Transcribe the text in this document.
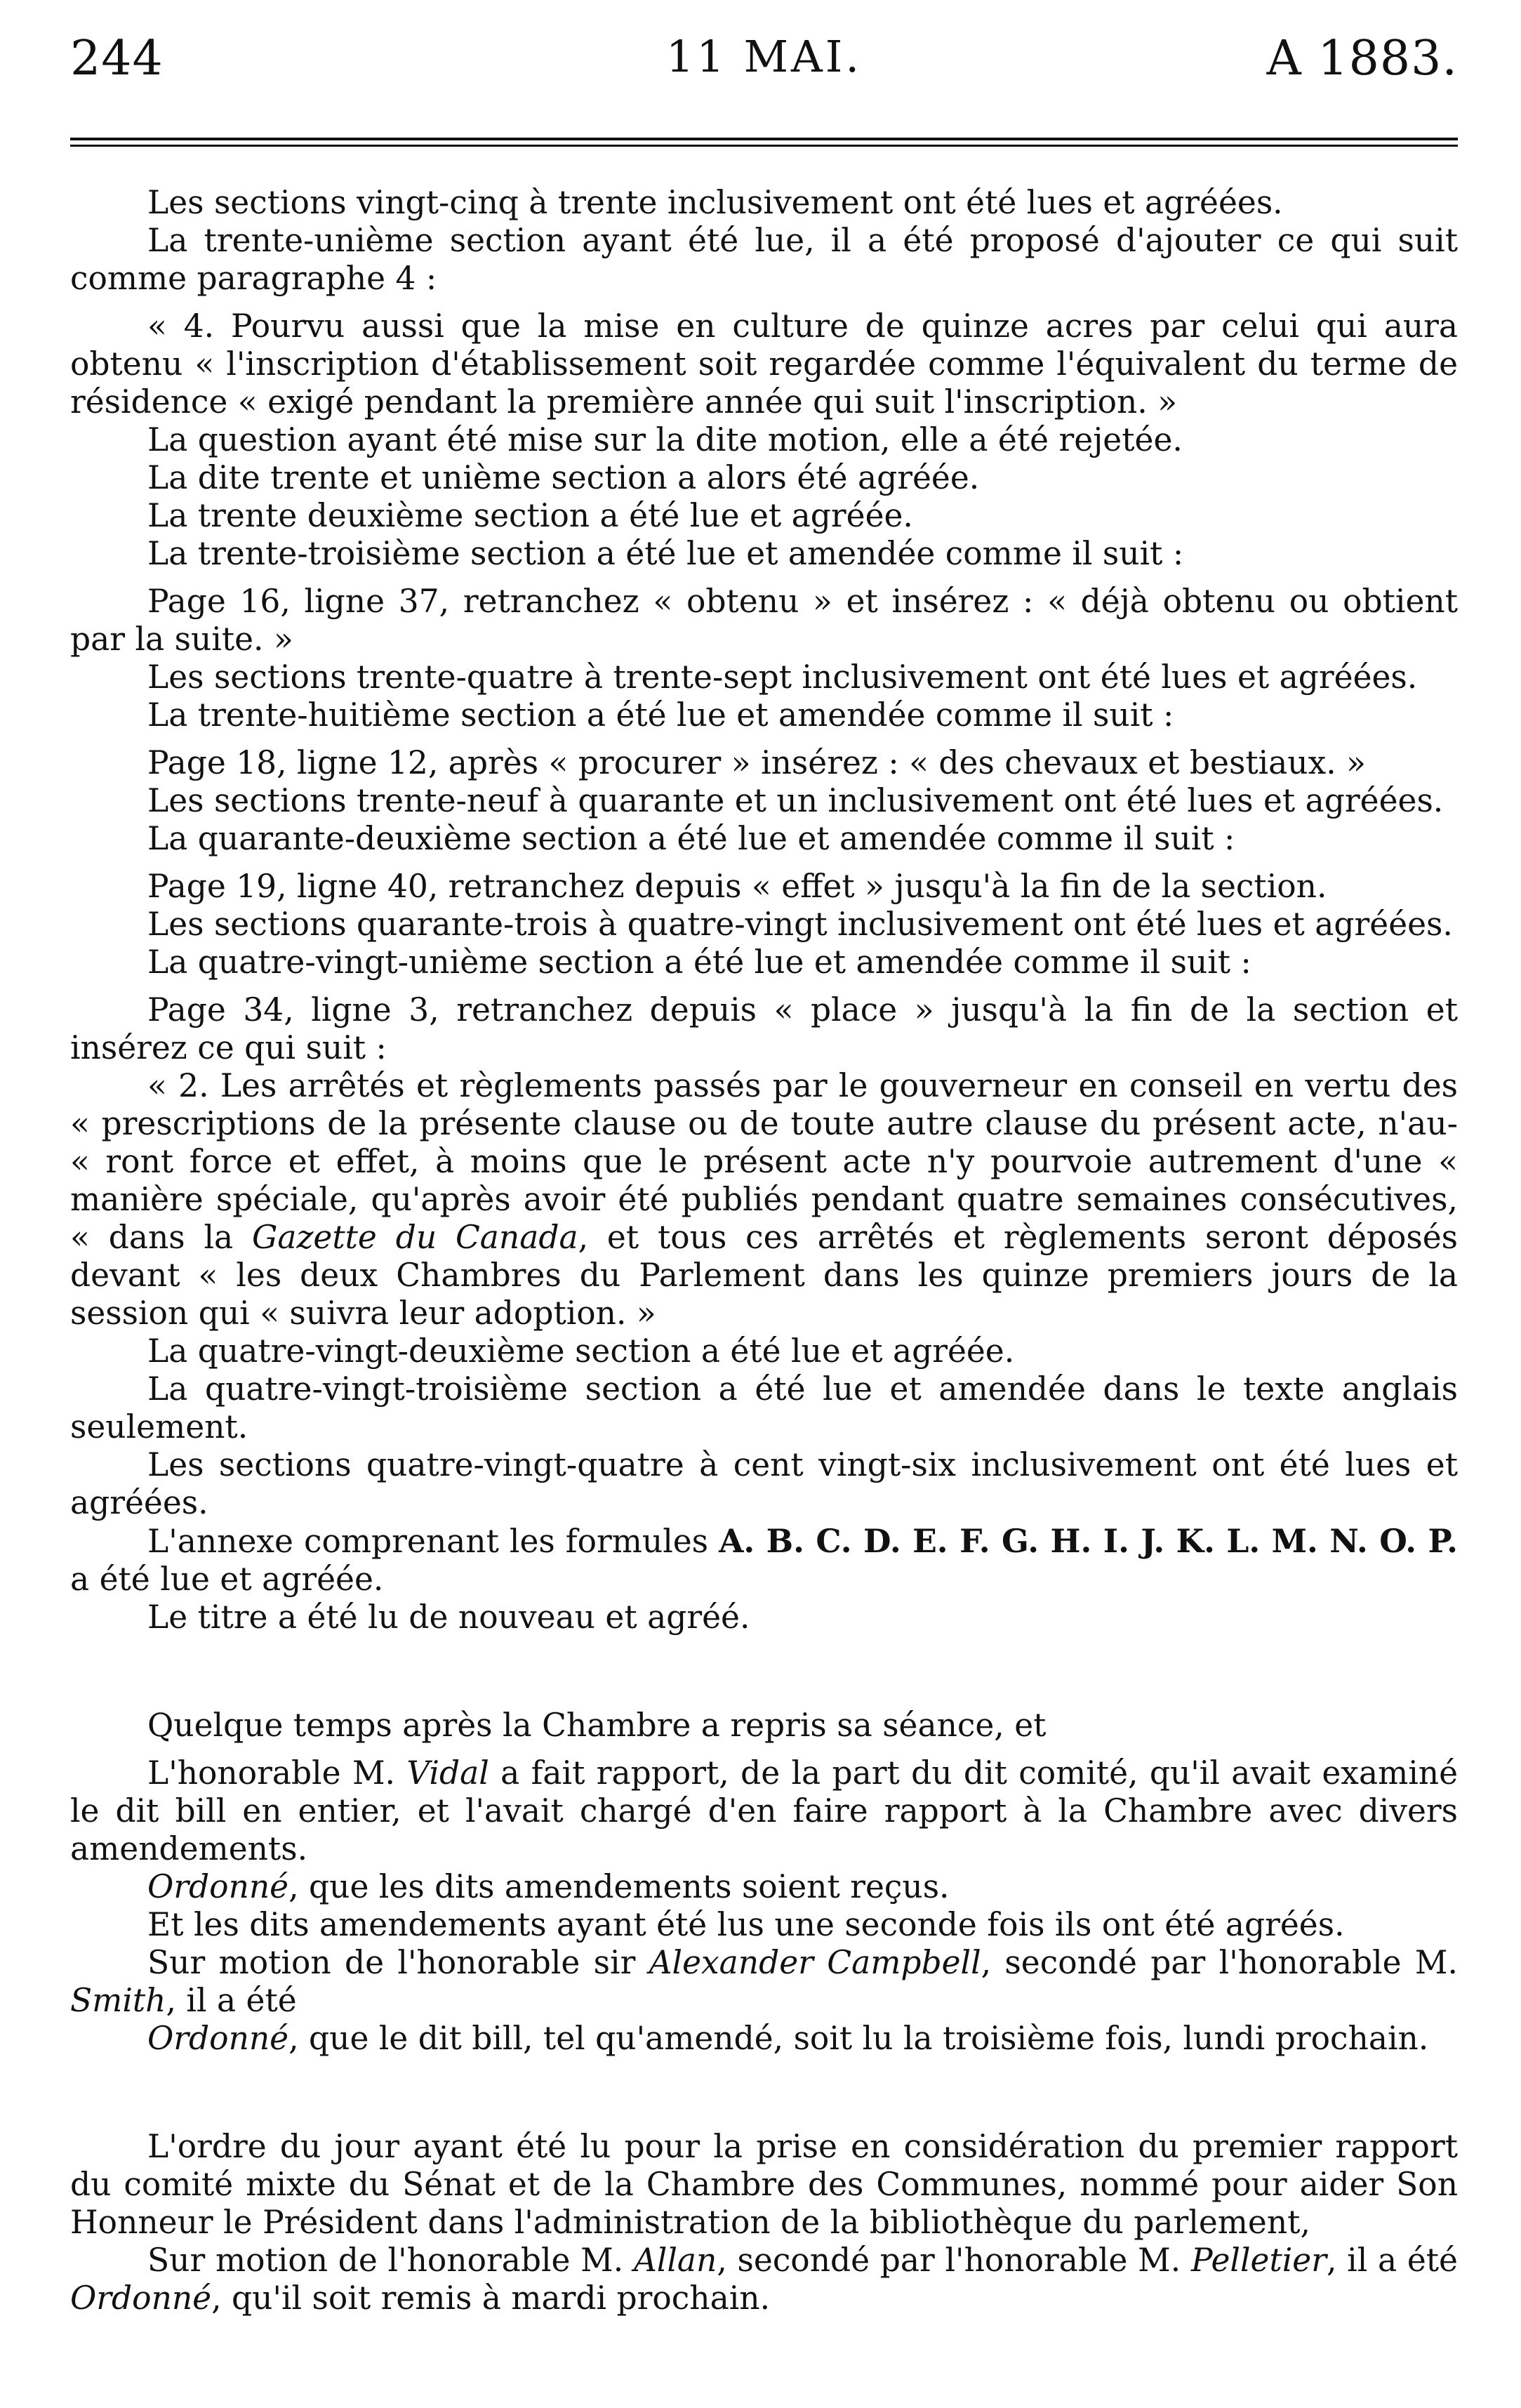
244	11 MAI.	A 1883.

Les sections vingt-cinq à trente inclusivement ont été lues et agréées.

La trente-unième section ayant été lue, il a été proposé d'ajouter ce qui suit comme paragraphe 4 :

« 4. Pourvu aussi que la mise en culture de quinze acres par celui qui aura obtenu « l'inscription d'établissement soit regardée comme l'équivalent du terme de résidence « exigé pendant la première année qui suit l'inscription. »

La question ayant été mise sur la dite motion, elle a été rejetée.

La dite trente et unième section a alors été agréée.

La trente deuxième section a été lue et agréée.

La trente-troisième section a été lue et amendée comme il suit :

Page 16, ligne 37, retranchez « obtenu » et insérez : « déjà obtenu ou obtient par la suite. »

Les sections trente-quatre à trente-sept inclusivement ont été lues et agréées.

La trente-huitième section a été lue et amendée comme il suit :

Page 18, ligne 12, après « procurer » insérez : « des chevaux et bestiaux. »

Les sections trente-neuf à quarante et un inclusivement ont été lues et agréées.

La quarante-deuxième section a été lue et amendée comme il suit :

Page 19, ligne 40, retranchez depuis « effet » jusqu'à la fin de la section.

Les sections quarante-trois à quatre-vingt inclusivement ont été lues et agréées.

La quatre-vingt-unième section a été lue et amendée comme il suit :

Page 34, ligne 3, retranchez depuis « place » jusqu'à la fin de la section et insérez ce qui suit :

« 2. Les arrêtés et règlements passés par le gouverneur en conseil en vertu des « prescriptions de la présente clause ou de toute autre clause du présent acte, n'au- « ront force et effet, à moins que le présent acte n'y pourvoie autrement d'une « manière spéciale, qu'après avoir été publiés pendant quatre semaines consécutives, « dans la Gazette du Canada, et tous ces arrêtés et règlements seront déposés devant « les deux Chambres du Parlement dans les quinze premiers jours de la session qui « suivra leur adoption. »

La quatre-vingt-deuxième section a été lue et agréée.

La quatre-vingt-troisième section a été lue et amendée dans le texte anglais seulement.

Les sections quatre-vingt-quatre à cent vingt-six inclusivement ont été lues et agréées.

L'annexe comprenant les formules A. B. C. D. E. F. G. H. I. J. K. L. M. N. O. P. a été lue et agréée.

Le titre a été lu de nouveau et agréé.

Quelque temps après la Chambre a repris sa séance, et

L'honorable M. Vidal a fait rapport, de la part du dit comité, qu'il avait examiné le dit bill en entier, et l'avait chargé d'en faire rapport à la Chambre avec divers amendements.

Ordonné, que les dits amendements soient reçus.

Et les dits amendements ayant été lus une seconde fois ils ont été agréés.

Sur motion de l'honorable sir Alexander Campbell, secondé par l'honorable M. Smith, il a été

Ordonné, que le dit bill, tel qu'amendé, soit lu la troisième fois, lundi prochain.

L'ordre du jour ayant été lu pour la prise en considération du premier rapport du comité mixte du Sénat et de la Chambre des Communes, nommé pour aider Son Honneur le Président dans l'administration de la bibliothèque du parlement,

Sur motion de l'honorable M. Allan, secondé par l'honorable M. Pelletier, il a été Ordonné, qu'il soit remis à mardi prochain.
